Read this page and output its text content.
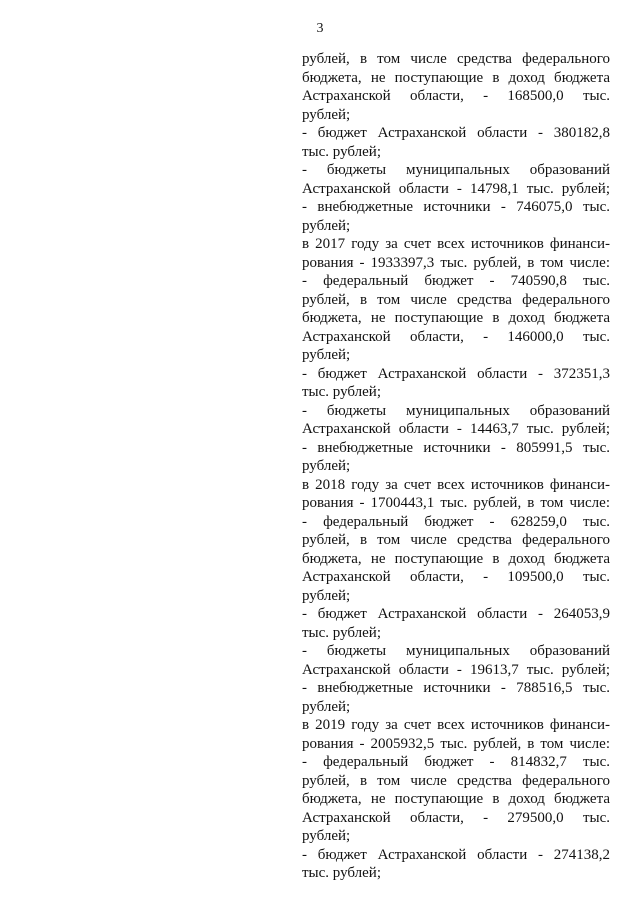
3
рублей, в том числе средства федерального
бюджета, не поступающие в доход бюджета
Астраханской области, - 168500,0 тыс.
рублей;
- бюджет Астраханской области - 380182,8
тыс. рублей;
- бюджеты муниципальных образований
Астраханской области - 14798,1 тыс. рублей;
- внебюджетные источники - 746075,0 тыс.
рублей;
в 2017 году за счет всех источников финанси-
рования - 1933397,3 тыс. рублей, в том числе:
- федеральный бюджет - 740590,8 тыс.
рублей, в том числе средства федерального
бюджета, не поступающие в доход бюджета
Астраханской области, - 146000,0 тыс.
рублей;
- бюджет Астраханской области - 372351,3
тыс. рублей;
- бюджеты муниципальных образований
Астраханской области - 14463,7 тыс. рублей;
- внебюджетные источники - 805991,5 тыс.
рублей;
в 2018 году за счет всех источников финанси-
рования - 1700443,1 тыс. рублей, в том числе:
- федеральный бюджет - 628259,0 тыс.
рублей, в том числе средства федерального
бюджета, не поступающие в доход бюджета
Астраханской области, - 109500,0 тыс.
рублей;
- бюджет Астраханской области - 264053,9
тыс. рублей;
- бюджеты муниципальных образований
Астраханской области - 19613,7 тыс. рублей;
- внебюджетные источники - 788516,5 тыс.
рублей;
в 2019 году за счет всех источников финанси-
рования - 2005932,5 тыс. рублей, в том числе:
- федеральный бюджет - 814832,7 тыс.
рублей, в том числе средства федерального
бюджета, не поступающие в доход бюджета
Астраханской области, - 279500,0 тыс.
рублей;
- бюджет Астраханской области - 274138,2
тыс. рублей;
